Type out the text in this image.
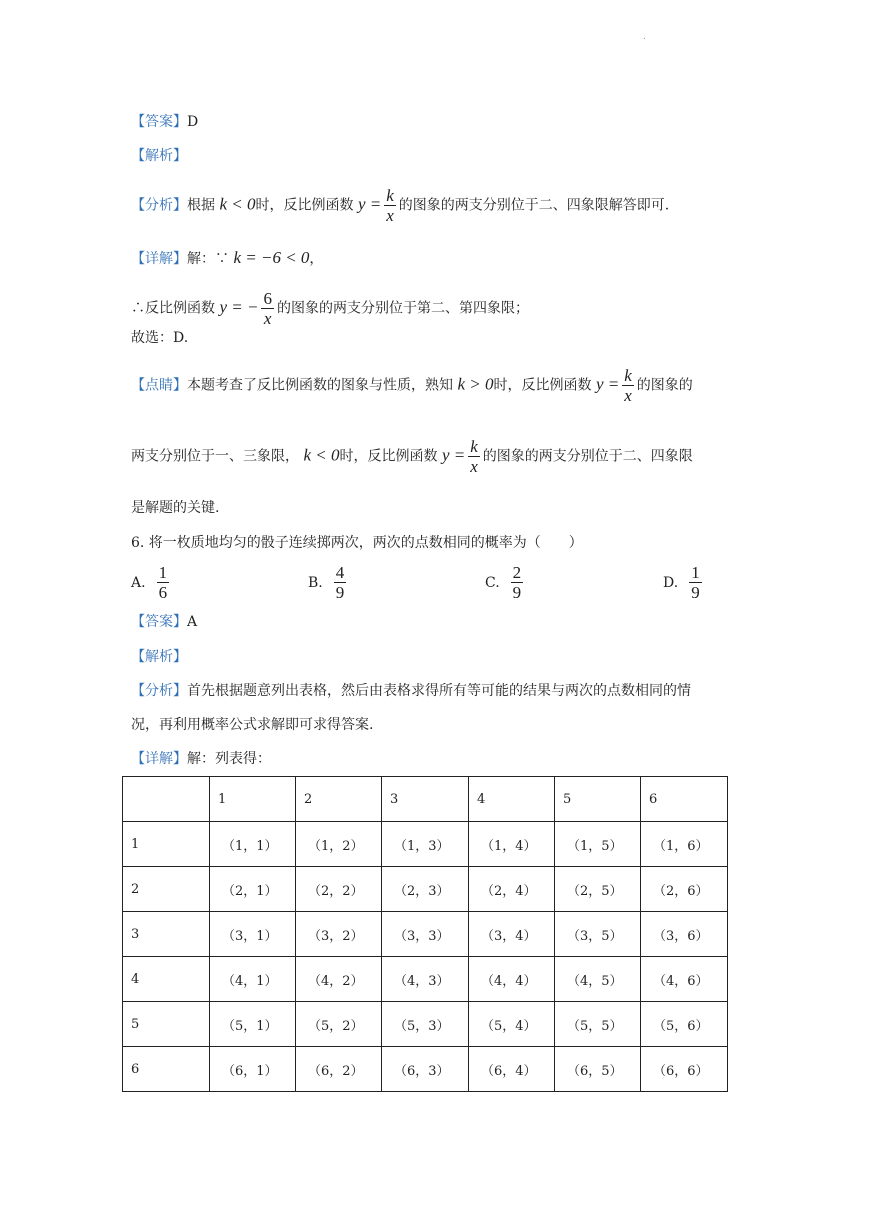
.
【答案】D
【解析】
【分析】根据 k < 0时，反比例函数 $y = \frac{k}{x}$ 的图象的两支分别位于二、四象限解答即可.
【详解】解：∵ k = −6 < 0，
∴反比例函数 y = − $\frac{6}{x}$ 的图象的两支分别位于第二、第四象限；
故选：D.
【点睛】本题考查了反比例函数的图象与性质，熟知 k > 0时，反比例函数 $y = \frac{k}{x}$ 的图象的
两支分别位于一、三象限， k < 0时，反比例函数 $y = \frac{k}{x}$ 的图象的两支分别位于二、四象限
是解题的关键.
6. 将一枚质地均匀的骰子连续掷两次，两次的点数相同的概率为（　　）
A. $\frac{1}{6}$	B. $\frac{4}{9}$	C. $\frac{2}{9}$	D. $\frac{1}{9}$
【答案】A
【解析】
【分析】首先根据题意列出表格，然后由表格求得所有等可能的结果与两次的点数相同的情
况，再利用概率公式求解即可求得答案.
【详解】解：列表得：
	1	2	3	4	5	6
1	（1，1）	（1，2）	（1，3）	（1，4）	（1，5）	（1，6）
2	（2，1）	（2，2）	（2，3）	（2，4）	（2，5）	（2，6）
3	（3，1）	（3，2）	（3，3）	（3，4）	（3，5）	（3，6）
4	（4，1）	（4，2）	（4，3）	（4，4）	（4，5）	（4，6）
5	（5，1）	（5，2）	（5，3）	（5，4）	（5，5）	（5，6）
6	（6，1）	（6，2）	（6，3）	（6，4）	（6，5）	（6，6）
